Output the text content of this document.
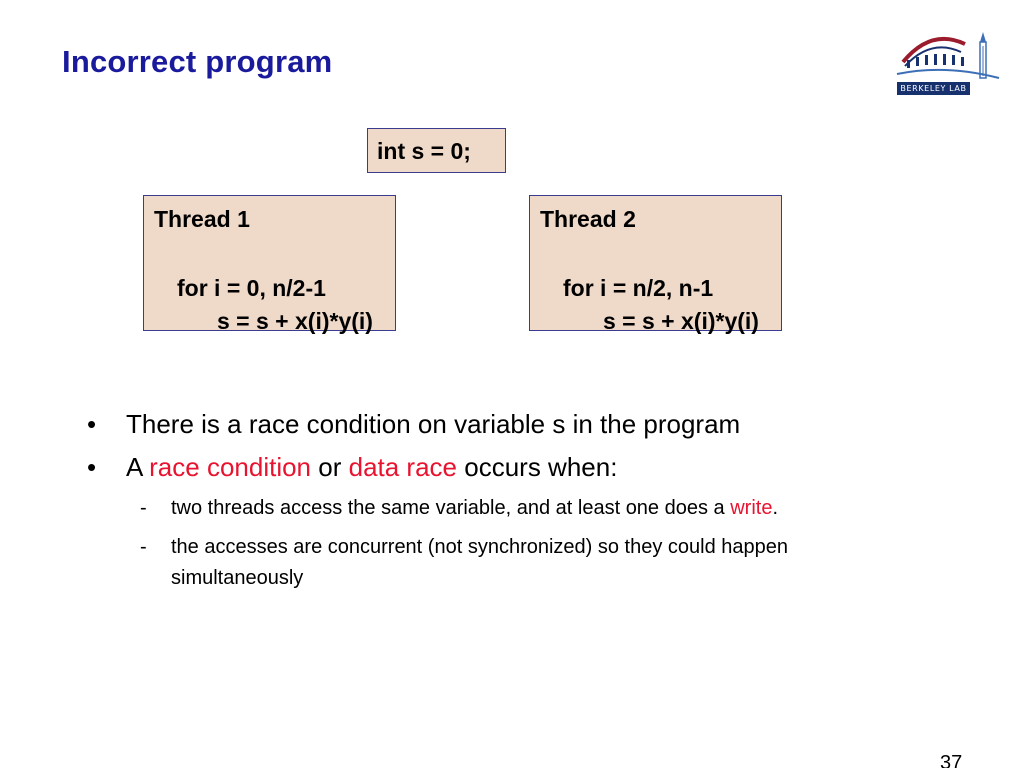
Incorrect program
BERKELEY LAB
int s = 0;
Thread 1
for i = 0, n/2-1
s = s + x(i)*y(i)
Thread 2
for i = n/2, n-1
s = s + x(i)*y(i)
• There is a race condition on variable s in the program
• A race condition or data race occurs when:
- two threads access the same variable, and at least one does a write.
- the accesses are concurrent (not synchronized) so they could happen simultaneously
37
